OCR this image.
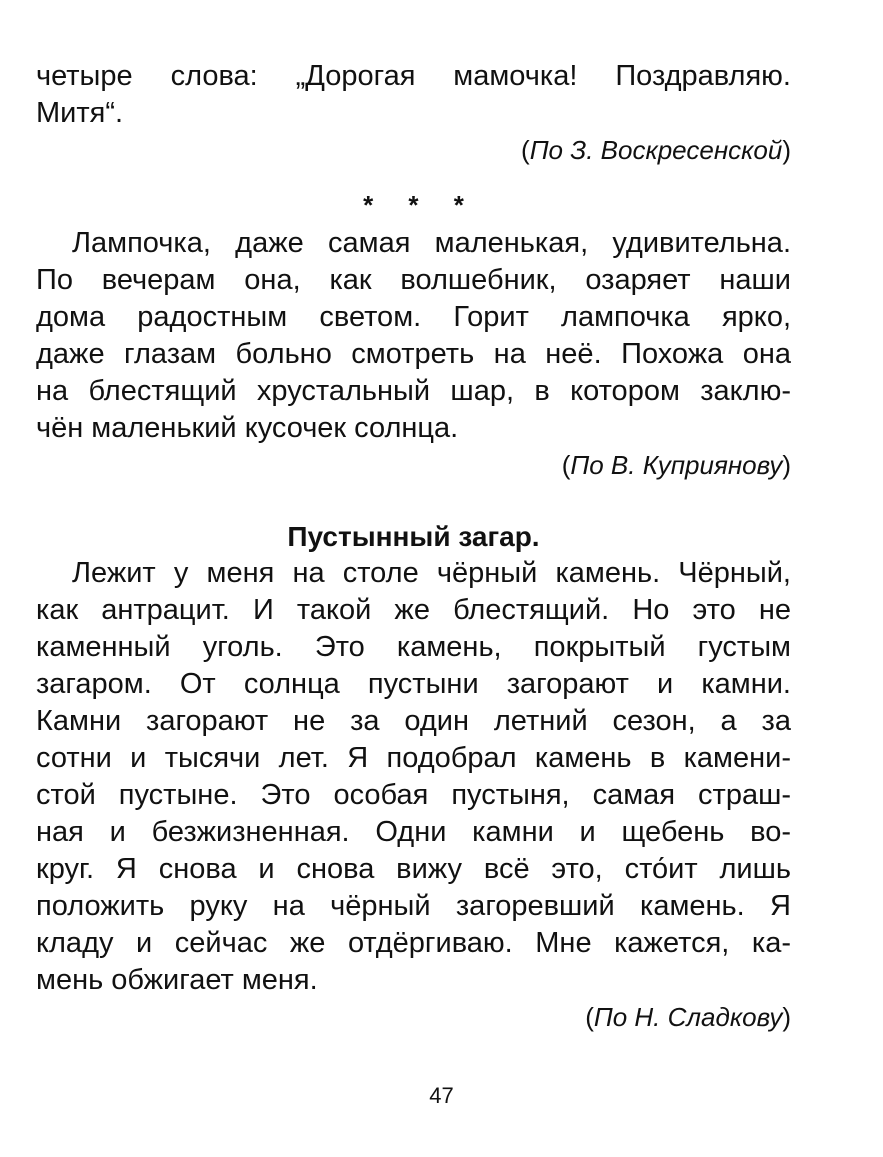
четыре слова: „Дорогая мамочка! Поздравляю.
Митя“.
(По З. Воскресенской)
* * *
Лампочка, даже самая маленькая, удивительна.
По вечерам она, как волшебник, озаряет наши
дома радостным светом. Горит лампочка ярко,
даже глазам больно смотреть на неё. Похожа она
на блестящий хрустальный шар, в котором заклю-
чён маленький кусочек солнца.
(По В. Куприянову)
Пустынный загар.
Лежит у меня на столе чёрный камень. Чёрный,
как антрацит. И такой же блестящий. Но это не
каменный уголь. Это камень, покрытый густым
загаром. От солнца пустыни загорают и камни.
Камни загорают не за один летний сезон, а за
сотни и тысячи лет. Я подобрал камень в камени-
стой пустыне. Это особая пустыня, самая страш-
ная и безжизненная. Одни камни и щебень во-
круг. Я снова и снова вижу всё это, сто́ит лишь
положить руку на чёрный загоревший камень. Я
кладу и сейчас же отдёргиваю. Мне кажется, ка-
мень обжигает меня.
(По Н. Сладкову)
47
